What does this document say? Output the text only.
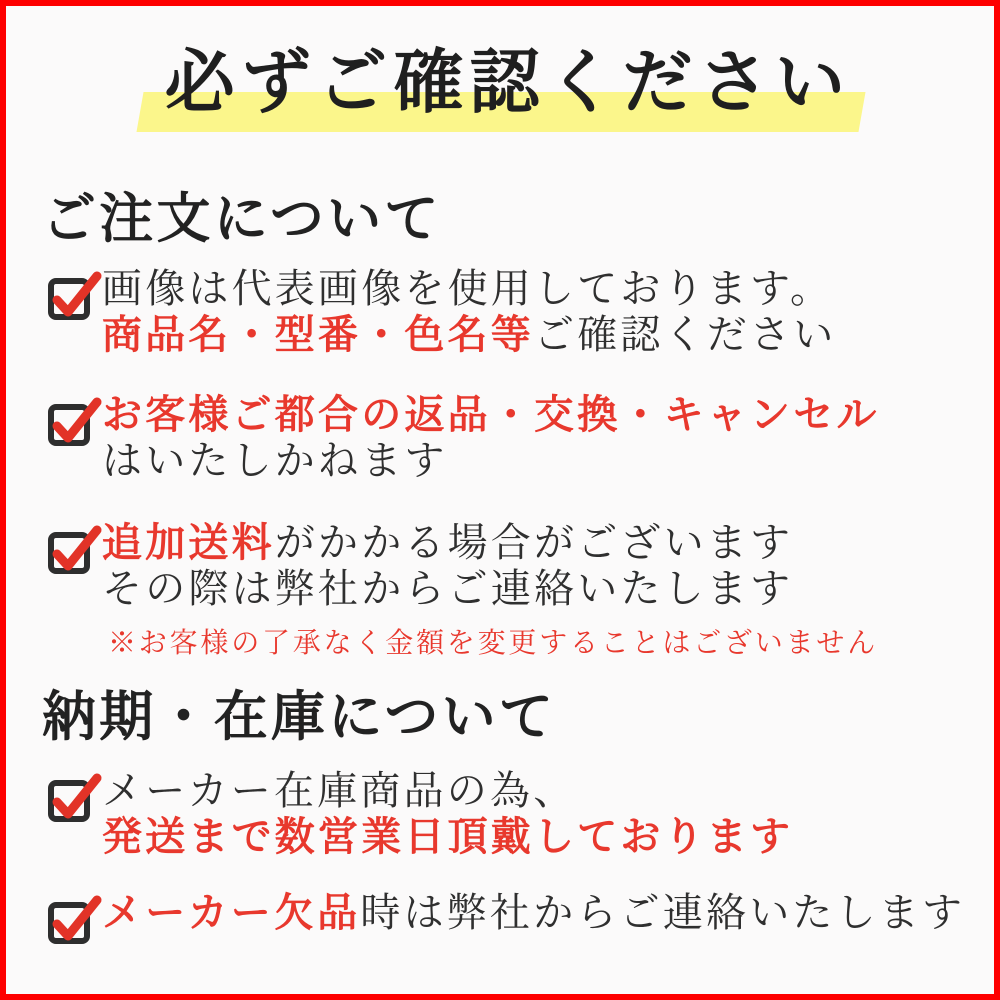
必ずご確認ください
ご注文について
画像は代表画像を使用しております。
商品名・型番・色名等ご確認ください
お客様ご都合の返品・交換・キャンセル
はいたしかねます
追加送料がかかる場合がございます
その際は弊社からご連絡いたします
※お客様の了承なく金額を変更することはございません
納期・在庫について
メーカー在庫商品の為、
発送まで数営業日頂戴しております
メーカー欠品時は弊社からご連絡いたします
